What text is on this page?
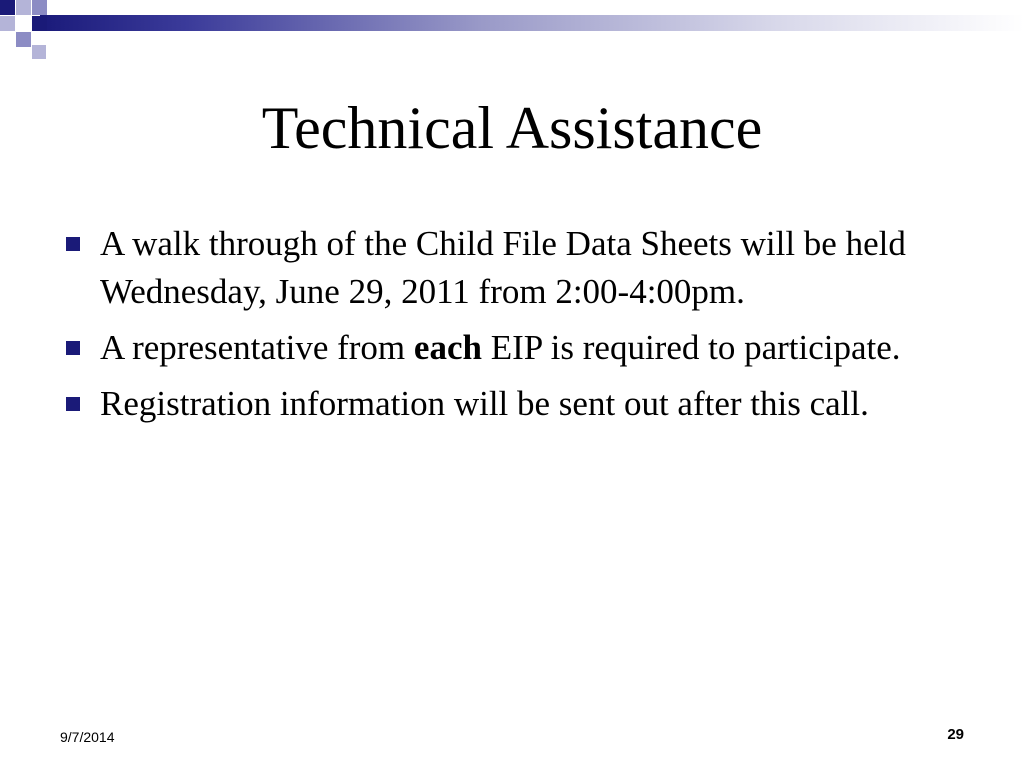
Technical Assistance
A walk through of the Child File Data Sheets will be held Wednesday, June 29, 2011 from 2:00-4:00pm.
A representative from each EIP is required to participate.
Registration information will be sent out after this call.
9/7/2014	29
